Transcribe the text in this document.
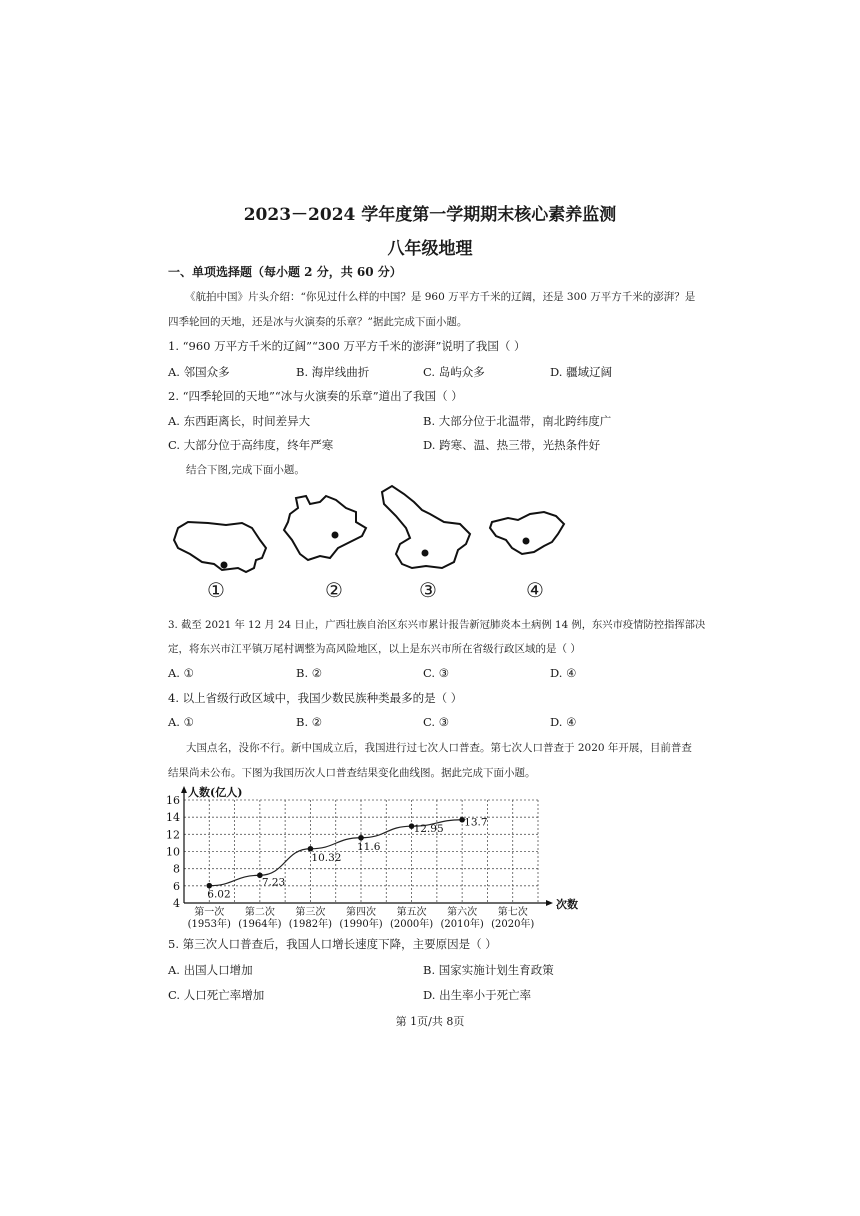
2023－2024 学年度第一学期期末核心素养监测
八年级地理
一、单项选择题（每小题 2 分，共 60 分）
《航拍中国》片头介绍：“你见过什么样的中国？是 960 万平方千米的辽阔，还是 300 万平方千米的澎湃？是
四季轮回的天地，还是冰与火演奏的乐章？”据此完成下面小题。
1. “960 万平方千米的辽阔”“300 万平方千米的澎湃”说明了我国（ ）
A. 邻国众多	B. 海岸线曲折	C. 岛屿众多	D. 疆域辽阔
2. “四季轮回的天地”“冰与火演奏的乐章”道出了我国（ ）
A. 东西距离长，时间差异大	B. 大部分位于北温带，南北跨纬度广
C. 大部分位于高纬度，终年严寒	D. 跨寒、温、热三带，光热条件好
结合下图,完成下面小题。
①	②	③	④
3. 截至 2021 年 12 月 24 日止，广西壮族自治区东兴市累计报告新冠肺炎本土病例 14 例，东兴市疫情防控指挥部决
定，将东兴市江平镇万尾村调整为高风险地区，以上是东兴市所在省级行政区域的是（ ）
A. ①	B. ②	C. ③	D. ④
4. 以上省级行政区域中，我国少数民族种类最多的是（ ）
A. ①	B. ②	C. ③	D. ④
大国点名，没你不行。新中国成立后，我国进行过七次人口普查。第七次人口普查于 2020 年开展，目前普查
结果尚未公布。下图为我国历次人口普查结果变化曲线图。据此完成下面小题。
4
6
8
10
12
14
16
第一次
(1953年)
第二次
(1964年)
第三次
(1982年)
第四次
(1990年)
第五次
(2000年)
第六次
(2010年)
第七次
(2020年)
6.02
7.23
10.32
11.6
12.95
13.7
人数(亿人)
次数
5. 第三次人口普查后，我国人口增长速度下降，主要原因是（ ）
A. 出国人口增加	B. 国家实施计划生育政策
C. 人口死亡率增加	D. 出生率小于死亡率
第 1页/共 8页
